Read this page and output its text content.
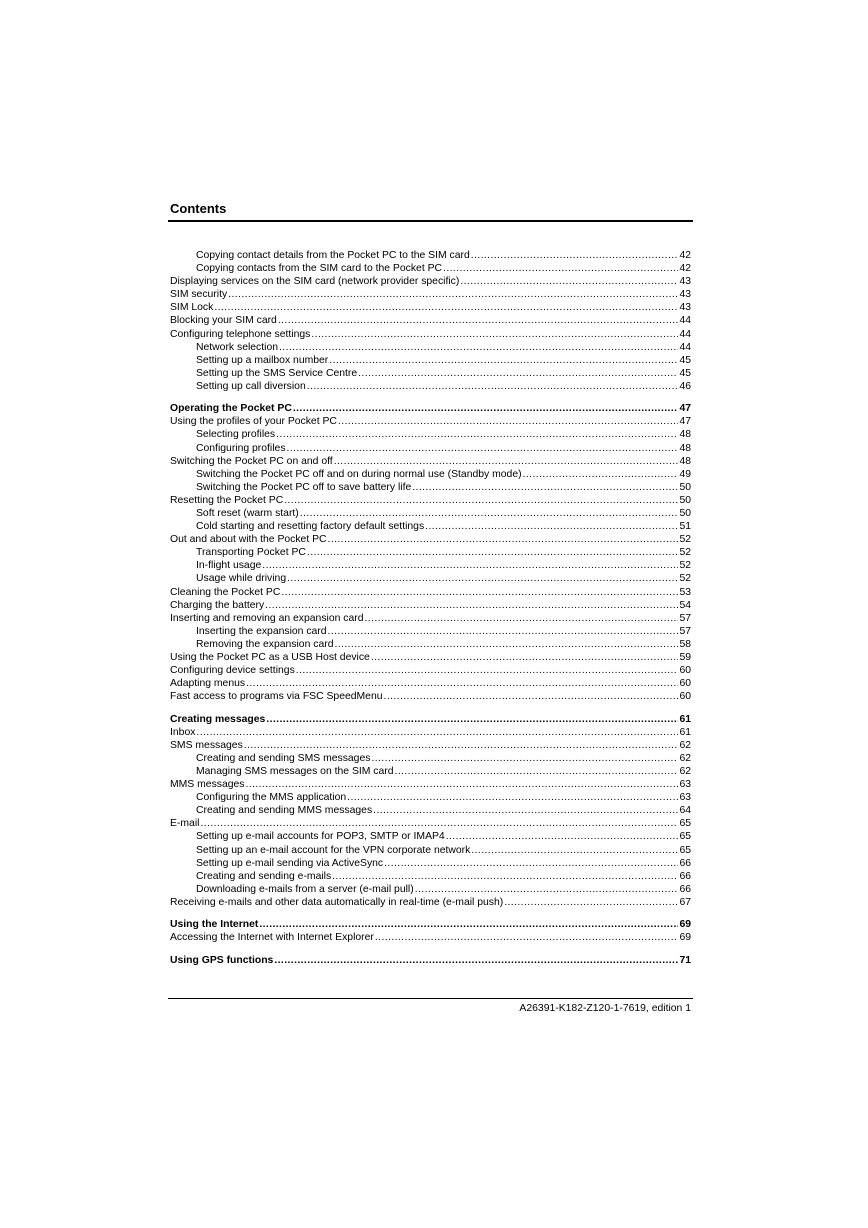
Contents
Copying contact details from the Pocket PC to the SIM card .....	42
Copying contacts from the SIM card to the Pocket PC .....	42
Displaying services on the SIM card (network provider specific) .....	43
SIM security .....	43
SIM Lock .....	43
Blocking your SIM card .....	44
Configuring telephone settings .....	44
Network selection .....	44
Setting up a mailbox number .....	45
Setting up the SMS Service Centre .....	45
Setting up call diversion .....	46
Operating the Pocket PC .....	47
Using the profiles of your Pocket PC .....	47
Selecting profiles .....	48
Configuring profiles .....	48
Switching the Pocket PC on and off .....	48
Switching the Pocket PC off and on during normal use (Standby mode) .....	49
Switching the Pocket PC off to save battery life .....	50
Resetting the Pocket PC .....	50
Soft reset (warm start) .....	50
Cold starting and resetting factory default settings .....	51
Out and about with the Pocket PC .....	52
Transporting Pocket PC .....	52
In-flight usage .....	52
Usage while driving .....	52
Cleaning the Pocket PC .....	53
Charging the battery .....	54
Inserting and removing an expansion card .....	57
Inserting the expansion card .....	57
Removing the expansion card .....	58
Using the Pocket PC as a USB Host device .....	59
Configuring device settings .....	60
Adapting menus .....	60
Fast access to programs via FSC SpeedMenu .....	60
Creating messages .....	61
Inbox .....	61
SMS messages .....	62
Creating and sending SMS messages .....	62
Managing SMS messages on the SIM card .....	62
MMS messages .....	63
Configuring the MMS application .....	63
Creating and sending MMS messages .....	64
E-mail .....	65
Setting up e-mail accounts for POP3, SMTP or IMAP4 .....	65
Setting up an e-mail account for the VPN corporate network .....	65
Setting up e-mail sending via ActiveSync .....	66
Creating and sending e-mails .....	66
Downloading e-mails from a server (e-mail pull) .....	66
Receiving e-mails and other data automatically in real-time (e-mail push) .....	67
Using the Internet .....	69
Accessing the Internet with Internet Explorer .....	69
Using GPS functions .....	71
A26391-K182-Z120-1-7619, edition 1
